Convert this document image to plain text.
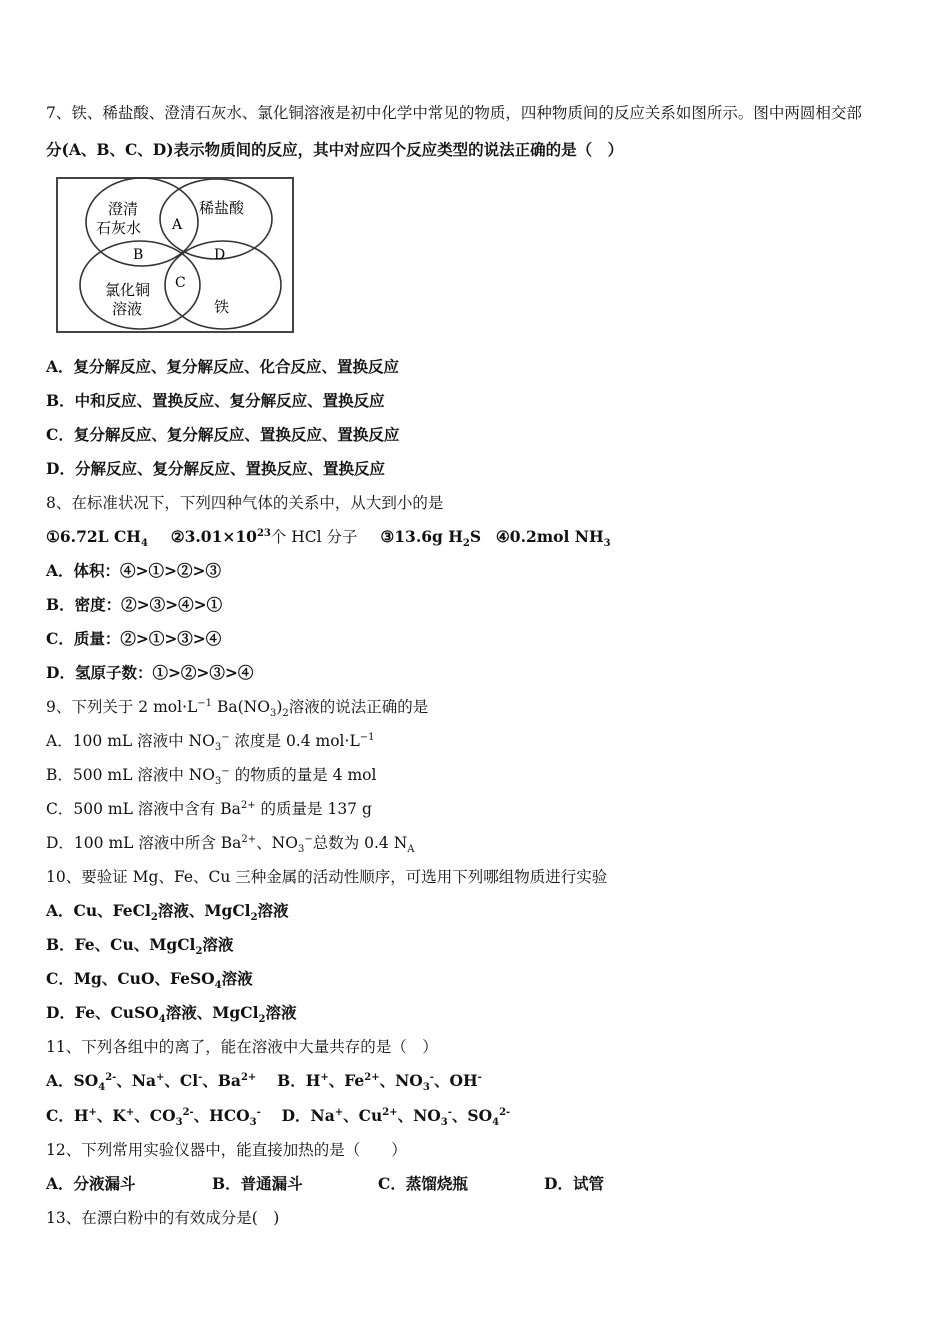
7、铁、稀盐酸、澄清石灰水、氯化铜溶液是初中化学中常见的物质，四种物质间的反应关系如图所示。图中两圆相交部
分(A、B、C、D)表示物质间的反应，其中对应四个反应类型的说法正确的是（　）
澄清
石灰水
稀盐酸
氯化铜
溶液	铁
A
B
C
D
A．复分解反应、复分解反应、化合反应、置换反应
B．中和反应、置换反应、复分解反应、置换反应
C．复分解反应、复分解反应、置换反应、置换反应
D．分解反应、复分解反应、置换反应、置换反应
8、在标准状况下，下列四种气体的关系中，从大到小的是
①6.72L $CH_4$ $②3.01\times 10^{23}$个 HCl 分子 ③13.6g $H_2S$ ④0.2mol $NH_3$
A．体积：④>①>②>③
B．密度：②>③>④>①
C．质量：②>①>③>④
D．氢原子数：①>②>③>④
9、下列关于 2 $mol\cdot L^{-1}$ $Ba(NO_3)_2$溶液的说法正确的是
A．100 mL 溶液中 $NO_3^-$ 浓度是 0.4 $mol\cdot L^{-1}$
B．500 mL 溶液中 $NO_3^-$ 的物质的量是 4 mol
C．500 mL 溶液中含有 $Ba^{2+}$ 的质量是 137 g
D．100 mL 溶液中所含 $Ba^{2+}$、$NO_3^-$总数为 0.4 $N_A$
10、要验证 Mg、Fe、Cu 三种金属的活动性顺序，可选用下列哪组物质进行实验
A．Cu、FeCl$_2$溶液、MgCl$_2$溶液
B．Fe、Cu、MgCl$_2$溶液
C．Mg、CuO、FeSO$_4$溶液
D．Fe、CuSO$_4$溶液、MgCl$_2$溶液
11、下列各组中的离了，能在溶液中大量共存的是（　）
A．$SO_4^{2-}$、Na+、Cl-、$Ba^{2+}$ B．H+、$Fe^{2+}$、$NO_3^-$、OH-
C．H+、K+、$CO_3^{2-}$、$HCO_3^-$ D．Na+、$Cu^{2+}$、$NO_3^-$、$SO_4^{2-}$
12、下列常用实验仪器中，能直接加热的是（　　）
A．分液漏斗	B．普通漏斗	C．蒸馏烧瓶	D．试管
13、在漂白粉中的有效成分是(　)
